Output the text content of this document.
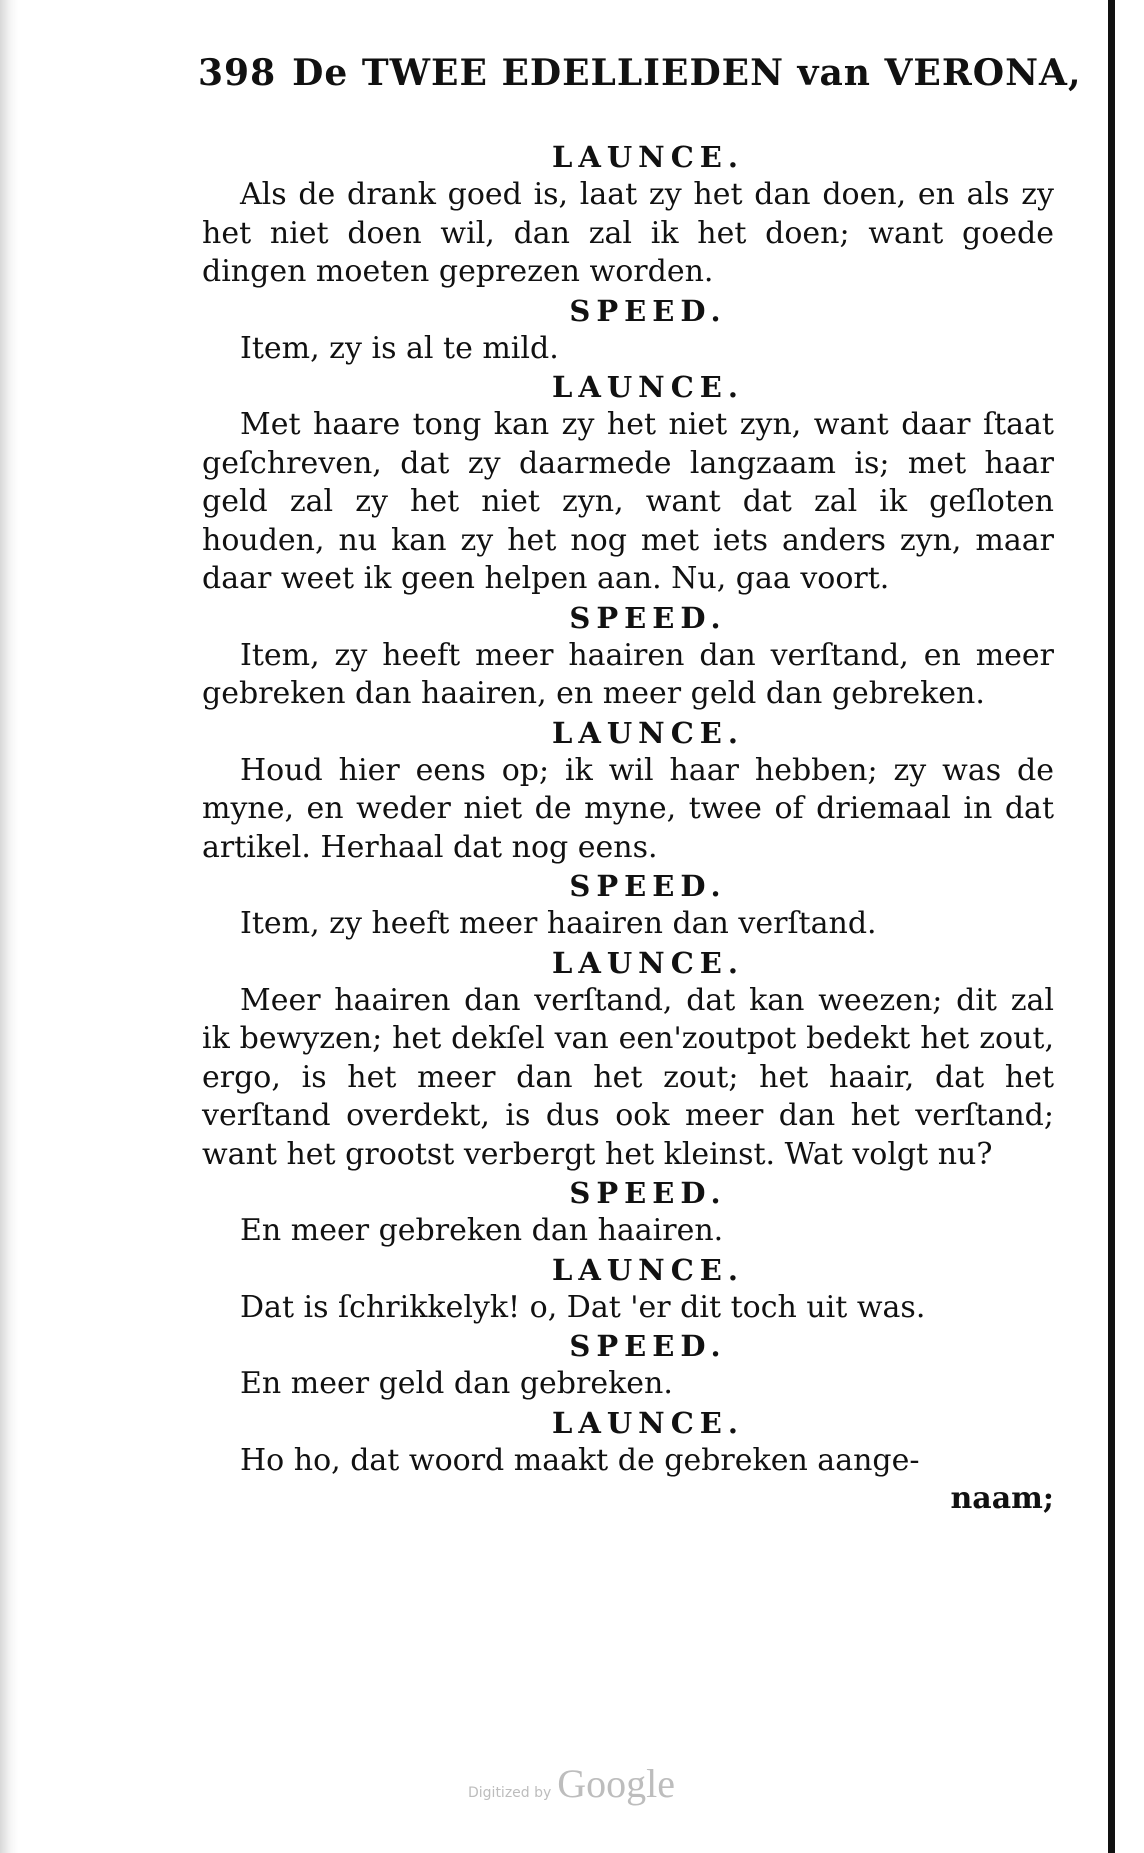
398 De TWEE EDELLIEDEN van VERONA,
LAUNCE.

Als de drank goed is, laat zy het dan doen, en als zy het niet doen wil, dan zal ik het doen; want goede dingen moeten geprezen worden.

SPEED.

Item, zy is al te mild.

LAUNCE.

Met haare tong kan zy het niet zyn, want daar ſtaat geſchreven, dat zy daarmede langzaam is; met haar geld zal zy het niet zyn, want dat zal ik geſloten houden, nu kan zy het nog met iets anders zyn, maar daar weet ik geen helpen aan. Nu, gaa voort.

SPEED.

Item, zy heeft meer haairen dan verſtand, en meer gebreken dan haairen, en meer geld dan gebreken.

LAUNCE.

Houd hier eens op; ik wil haar hebben; zy was de myne, en weder niet de myne, twee of driemaal in dat artikel. Herhaal dat nog eens.

SPEED.

Item, zy heeft meer haairen dan verſtand.

LAUNCE.

Meer haairen dan verſtand, dat kan weezen; dit zal ik bewyzen; het dekſel van een'zoutpot bedekt het zout, ergo, is het meer dan het zout; het haair, dat het verſtand overdekt, is dus ook meer dan het verſtand; want het grootst verbergt het kleinst. Wat volgt nu?

SPEED.

En meer gebreken dan haairen.

LAUNCE.

Dat is ſchrikkelyk! o, Dat 'er dit toch uit was.

SPEED.

En meer geld dan gebreken.

LAUNCE.

Ho ho, dat woord maakt de gebreken aange-

naam;

Digitized by Google
